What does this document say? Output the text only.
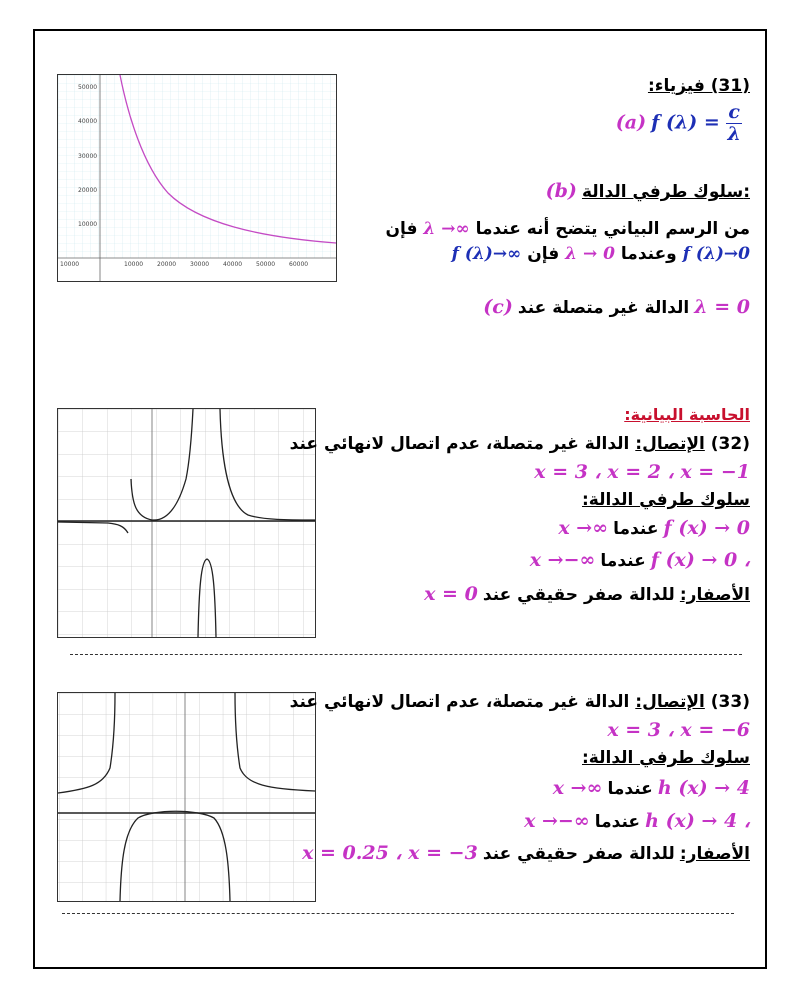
50000
40000
30000
20000
10000
10000	10000 20000 30000 40000 50000 60000
(31) فيزياء:
(a) f $(\lambda) = \frac{c}{\lambda}$
(b) سلوك طرفي الدالة:
من الرسم البياني يتضح أنه عندما λ →∞ فإن
f (λ)→0 وعندما λ → 0 فإن f (λ)→∞
(c) الدالة غير متصلة عند λ = 0
الحاسبة البيانية:
(32) الإتصال: الدالة غير متصلة، عدم اتصال لانهائي عند
x = 3 ، x = 2 ، x = −1
سلوك طرفي الدالة:
f (x) → 0 عندما x →∞
f (x) → 0 ، عندما x →−∞
الأصفار: للدالة صفر حقيقي عند x = 0
(33) الإتصال: الدالة غير متصلة، عدم اتصال لانهائي عند
x = 3 ، x = −6
سلوك طرفي الدالة:
h (x) → 4 عندما x →∞
h (x) → 4 ، عندما x →−∞
الأصفار: للدالة صفر حقيقي عند x = 0.25 ، x = −3
